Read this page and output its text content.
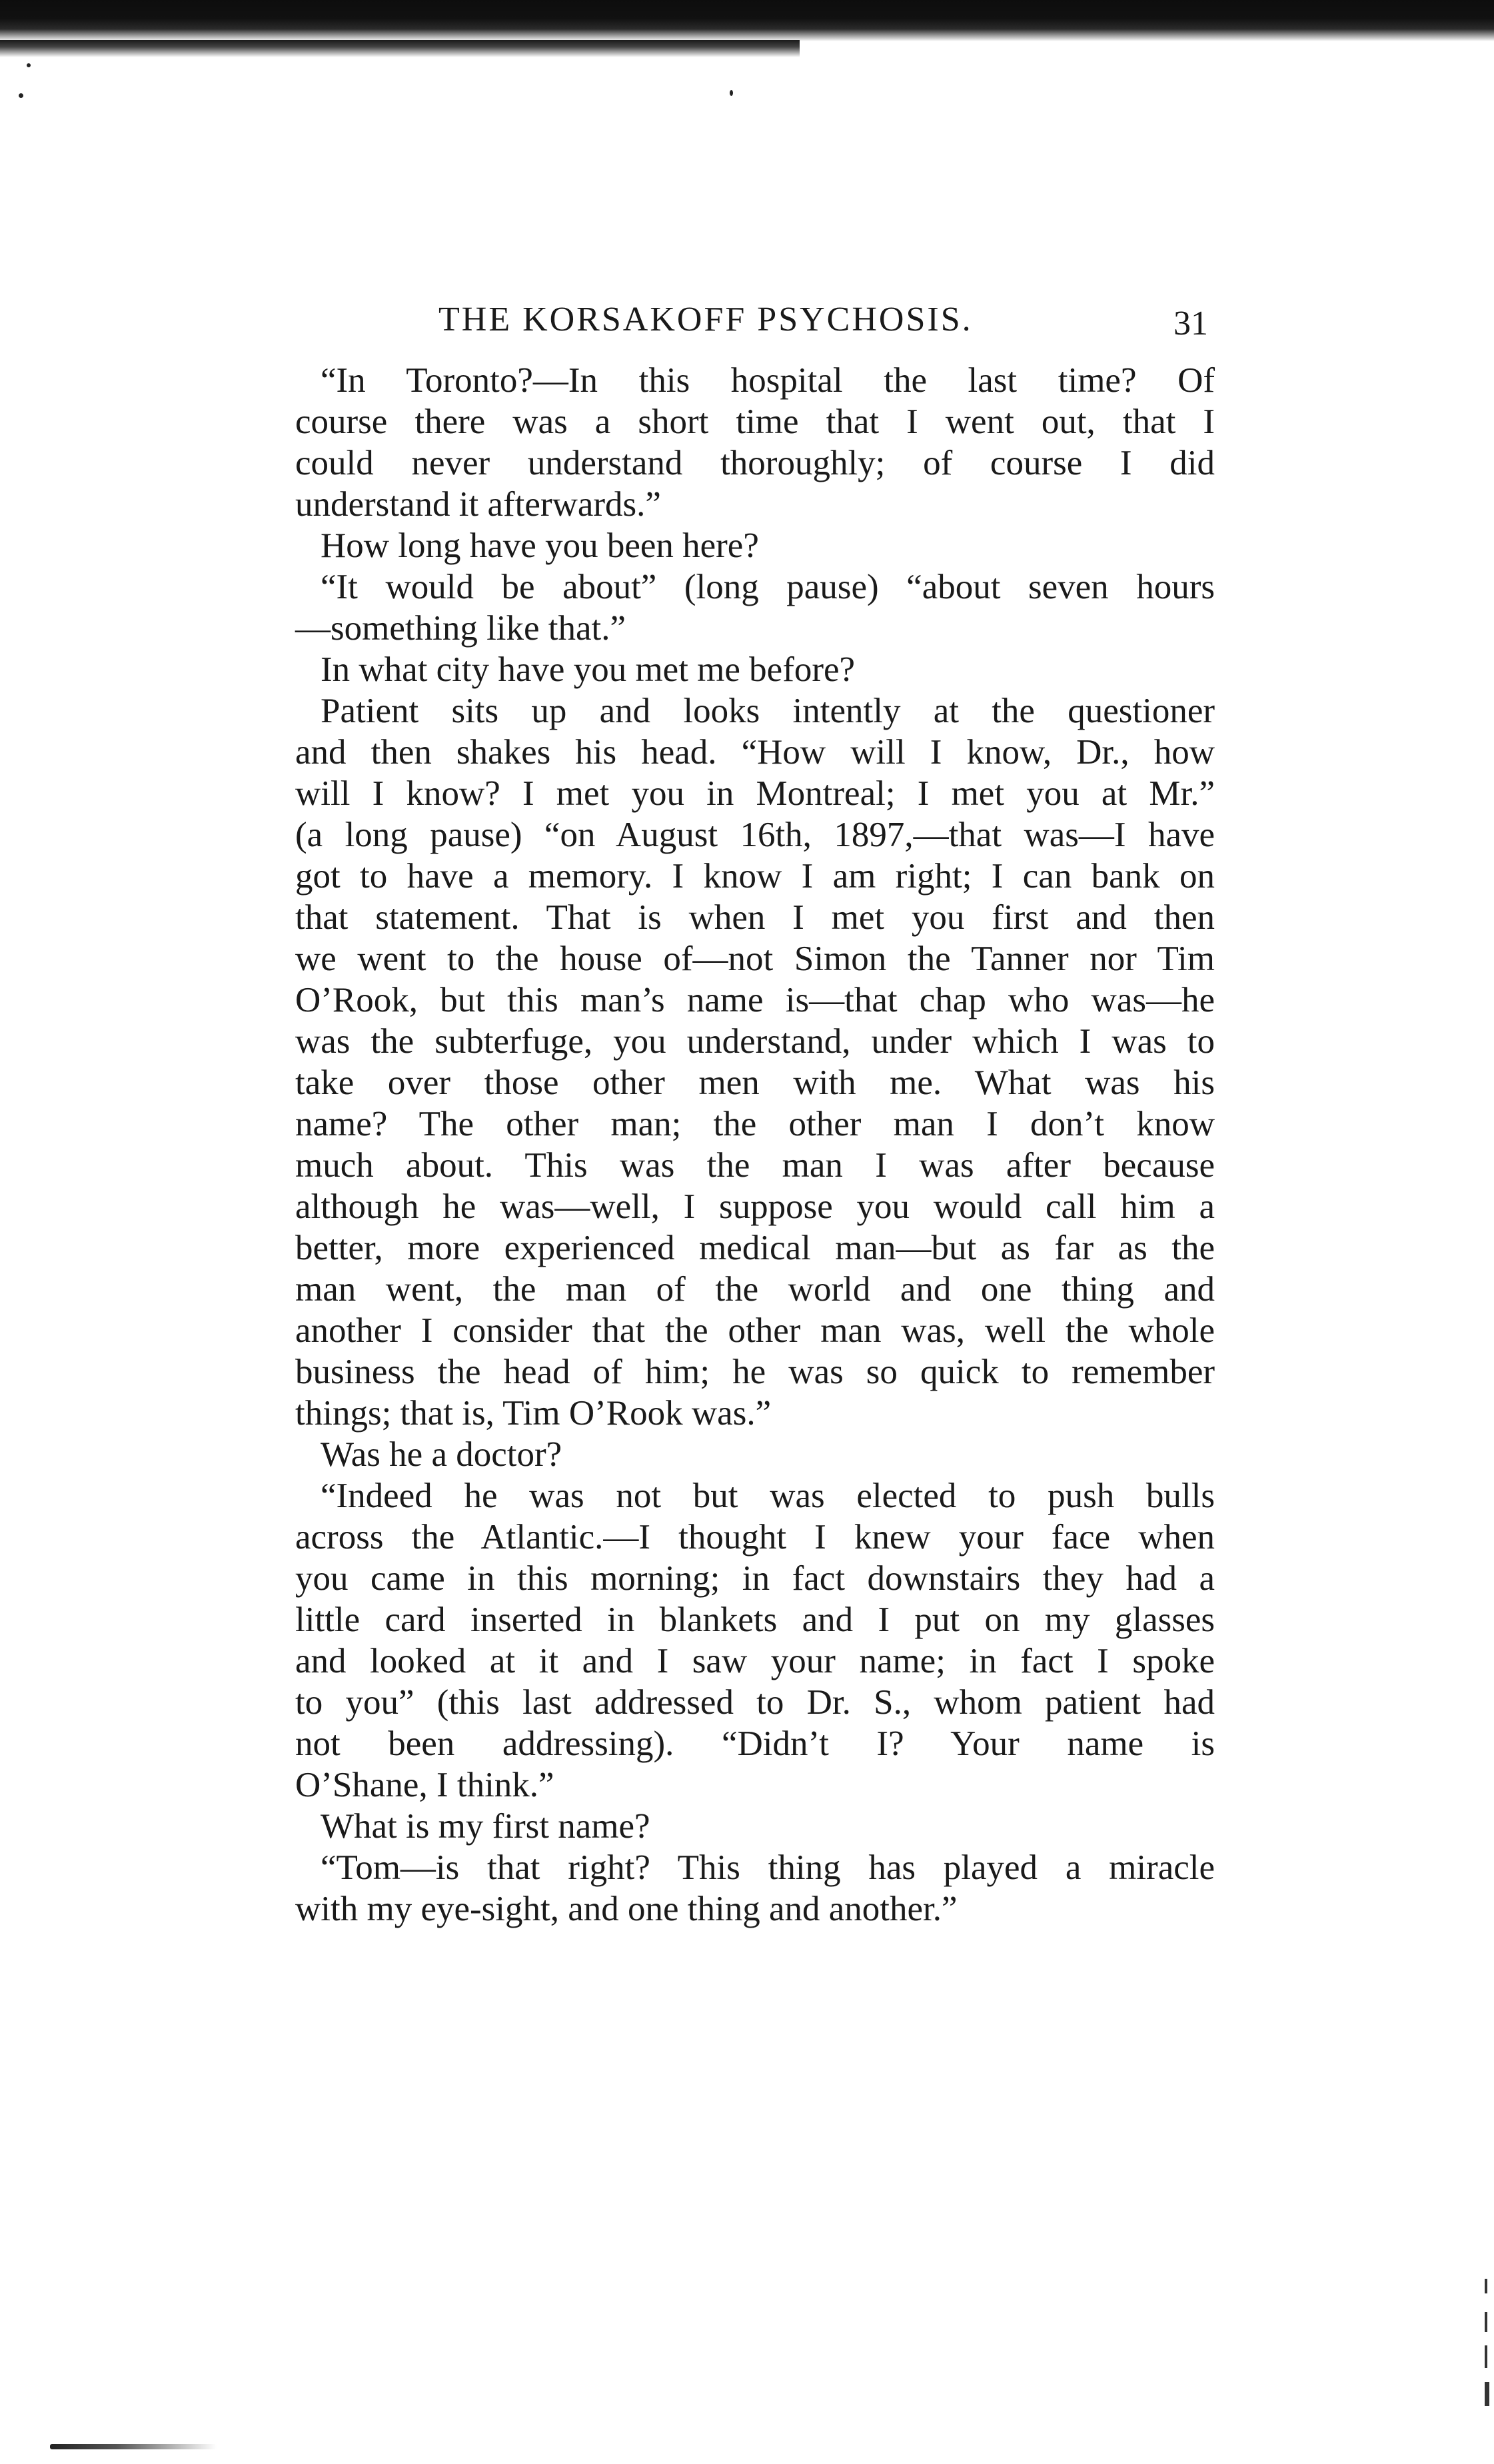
THE KORSAKOFF PSYCHOSIS.	31
“In Toronto?—In this hospital the last time? Of
course there was a short time that I went out, that I
could never understand thoroughly; of course I did
understand it afterwards.”
How long have you been here?
“It would be about” (long pause) “about seven hours
—something like that.”
In what city have you met me before?
Patient sits up and looks intently at the questioner
and then shakes his head. “How will I know, Dr., how
will I know? I met you in Montreal; I met you at Mr.”
(a long pause) “on August 16th, 1897,—that was—I have
got to have a memory. I know I am right; I can bank on
that statement. That is when I met you first and then
we went to the house of—not Simon the Tanner nor Tim
O’Rook, but this man’s name is—that chap who was—he
was the subterfuge, you understand, under which I was to
take over those other men with me. What was his
name? The other man; the other man I don’t know
much about. This was the man I was after because
although he was—well, I suppose you would call him a
better, more experienced medical man—but as far as the
man went, the man of the world and one thing and
another I consider that the other man was, well the whole
business the head of him; he was so quick to remember
things; that is, Tim O’Rook was.”
Was he a doctor?
“Indeed he was not but was elected to push bulls
across the Atlantic.—I thought I knew your face when
you came in this morning; in fact downstairs they had a
little card inserted in blankets and I put on my glasses
and looked at it and I saw your name; in fact I spoke
to you” (this last addressed to Dr. S., whom patient had
not been addressing). “Didn’t I? Your name is
O’Shane, I think.”
What is my first name?
“Tom—is that right? This thing has played a miracle
with my eye-sight, and one thing and another.”
